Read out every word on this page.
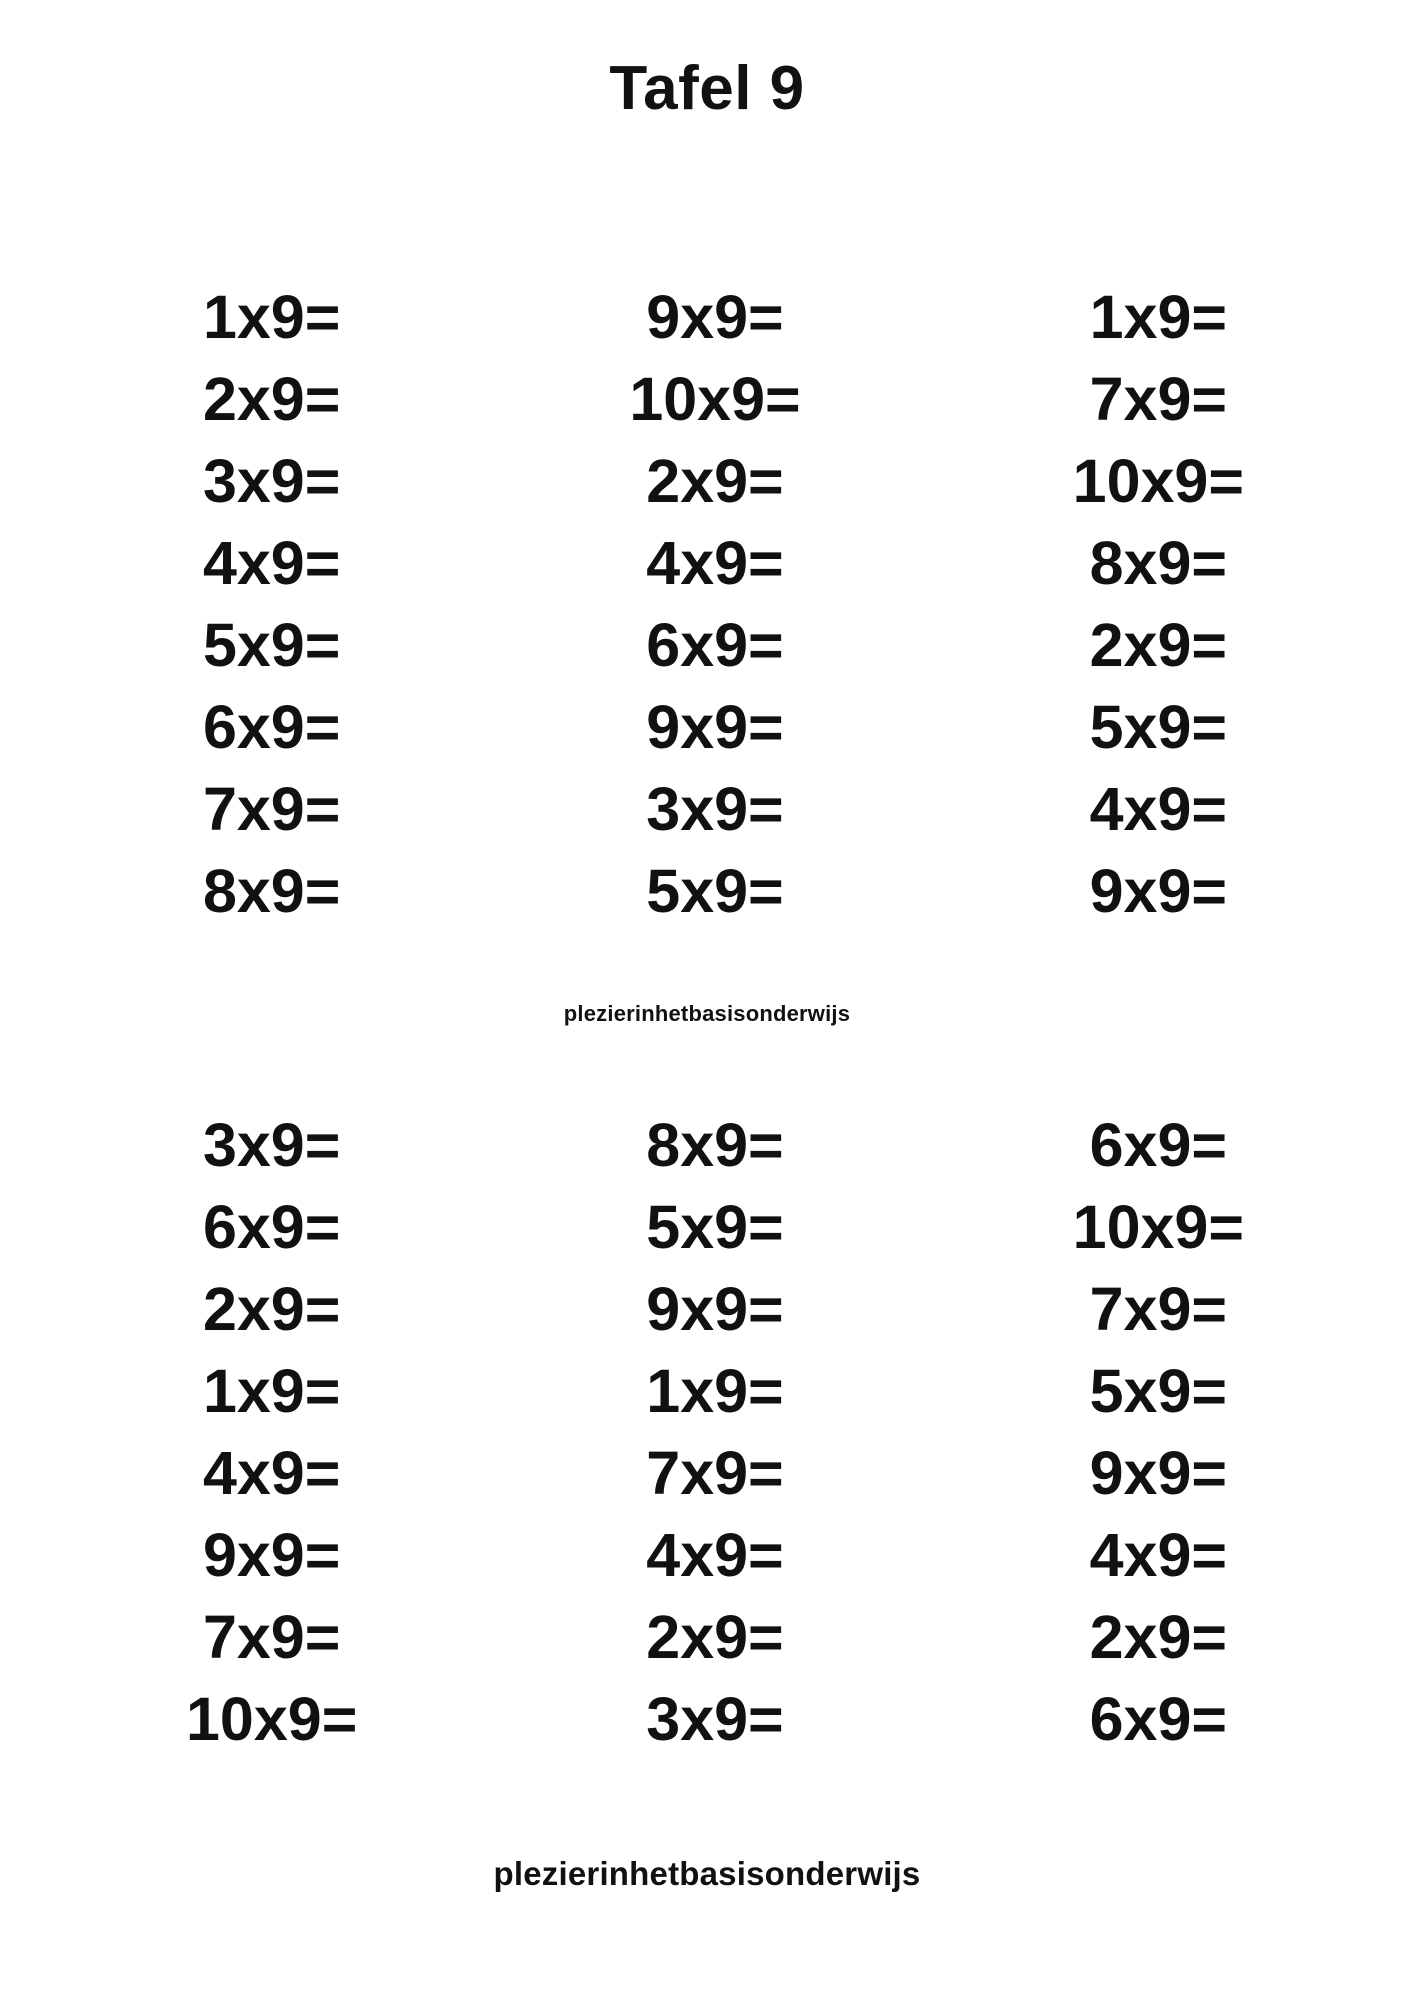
Tafel 9
1x9=	9x9=	1x9=
2x9=	10x9=	7x9=
3x9=	2x9=	10x9=
4x9=	4x9=	8x9=
5x9=	6x9=	2x9=
6x9=	9x9=	5x9=
7x9=	3x9=	4x9=
8x9=	5x9=	9x9=
plezierinhetbasisonderwijs
3x9=	8x9=	6x9=
6x9=	5x9=	10x9=
2x9=	9x9=	7x9=
1x9=	1x9=	5x9=
4x9=	7x9=	9x9=
9x9=	4x9=	4x9=
7x9=	2x9=	2x9=
10x9=	3x9=	6x9=
plezierinhetbasisonderwijs
